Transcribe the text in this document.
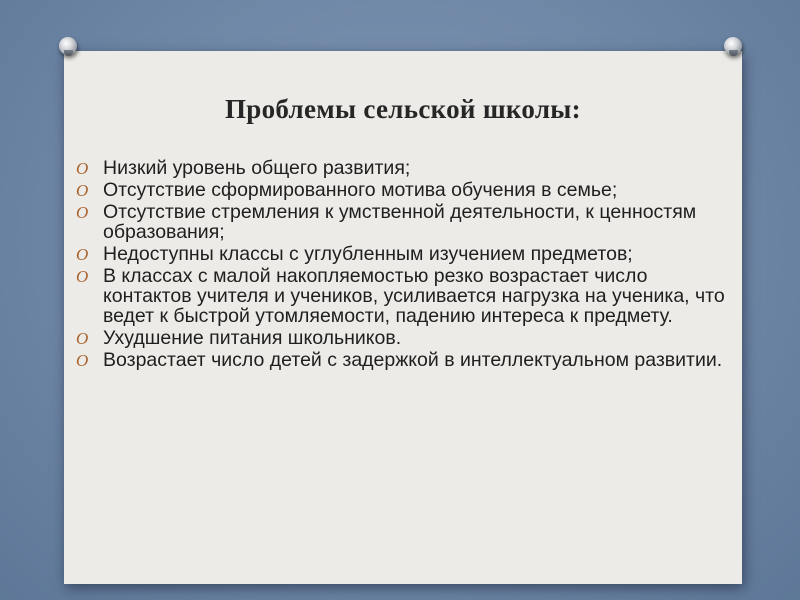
Проблемы сельской школы:
O Низкий уровень общего развития;
O Отсутствие сформированного мотива обучения в семье;
O Отсутствие стремления к умственной деятельности, к ценностям образования;
O Недоступны классы с углубленным изучением предметов;
O В классах с малой накопляемостью резко возрастает число контактов учителя и учеников, усиливается нагрузка на ученика, что ведет к быстрой утомляемости, падению интереса к предмету.
O Ухудшение питания школьников.
O Возрастает число детей с задержкой в интеллектуальном развитии.
